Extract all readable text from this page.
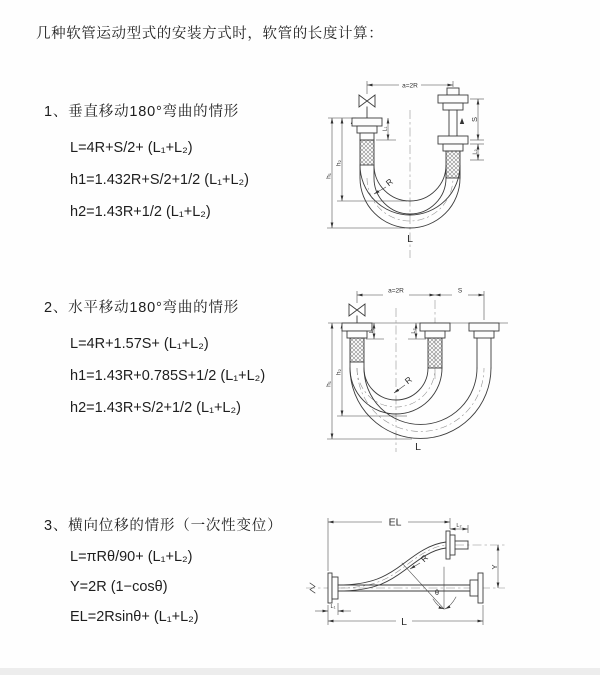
几种软管运动型式的安装方式时，软管的长度计算：
1、垂直移动180°弯曲的情形
L=4R+S/2+ (L₁+L₂)
h1=1.432R+S/2+1/2 (L₁+L₂)
h2=1.43R+1/2 (L₁+L₂)
2、水平移动180°弯曲的情形
L=4R+1.57S+ (L₁+L₂)
h1=1.43R+0.785S+1/2 (L₁+L₂)
h2=1.43R+S/2+1/2 (L₁+L₂)
3、横向位移的情形（一次性变位）
L=πRθ/90+ (L₁+L₂)
Y=2R (1−cosθ)
EL=2Rsinθ+ (L₁+L₂)
a=2R
S
L₂
L₁
h₂
h₁
R
L
a=2R	S
L₁	L₂
h₂
h₁	R
L
EL	L₂
Y
R
θ
L
L₁
